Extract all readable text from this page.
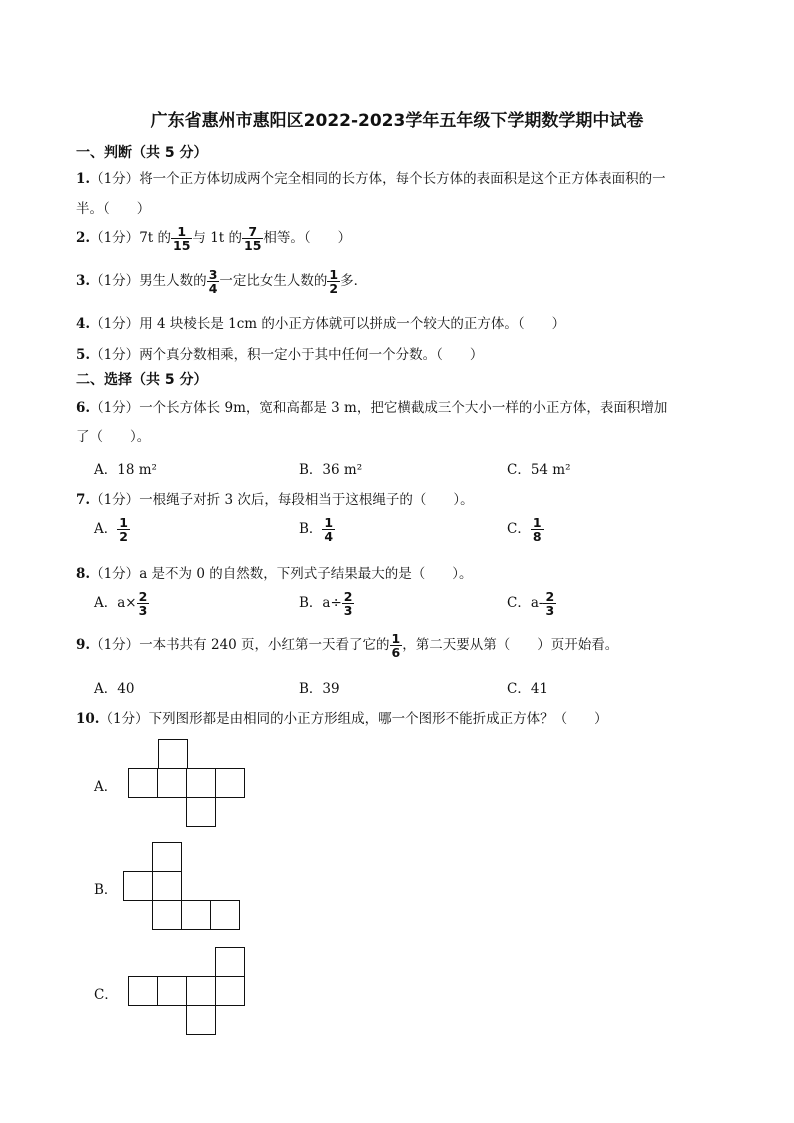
广东省惠州市惠阳区2022-2023学年五年级下学期数学期中试卷
一、判断（共 5 分）
1.（1分）将一个正方体切成两个完全相同的长方体，每个长方体的表面积是这个正方体表面积的一
半。（　　）
2.（1分）7t 的 $\frac{1}{15}$ 与 1t 的 $\frac{7}{15}$ 相等。（　　）
3.（1分）男生人数的 $\frac{3}{4}$ 一定比女生人数的 $\frac{1}{2}$ 多．
4.（1分）用 4 块棱长是 1cm 的小正方体就可以拼成一个较大的正方体。（　　）
5.（1分）两个真分数相乘，积一定小于其中任何一个分数。（　　）
二、选择（共 5 分）
6.（1分）一个长方体长 9m，宽和高都是 3 m，把它横截成三个大小一样的小正方体，表面积增加
了（　　）。
A．18 m²	B．36 m²	C．54 m²
7.（1分）一根绳子对折 3 次后，每段相当于这根绳子的（　　）。
A． $\frac{1}{2}$	B． $\frac{1}{4}$	C． $\frac{1}{8}$
8.（1分）a 是不为 0 的自然数，下列式子结果最大的是（　　）。
A．$a\times \frac{2}{3}$	B．$a\div \frac{2}{3}$	C．$a- \frac{2}{3}$
9.（1分）一本书共有 240 页，小红第一天看了它的 $\frac{1}{6}$ ，第二天要从第（　　）页开始看。
A．40	B．39	C．41
10.（1分）下列图形都是由相同的小正方形组成，哪一个图形不能折成正方体？（　　）
A．
B．
C．
